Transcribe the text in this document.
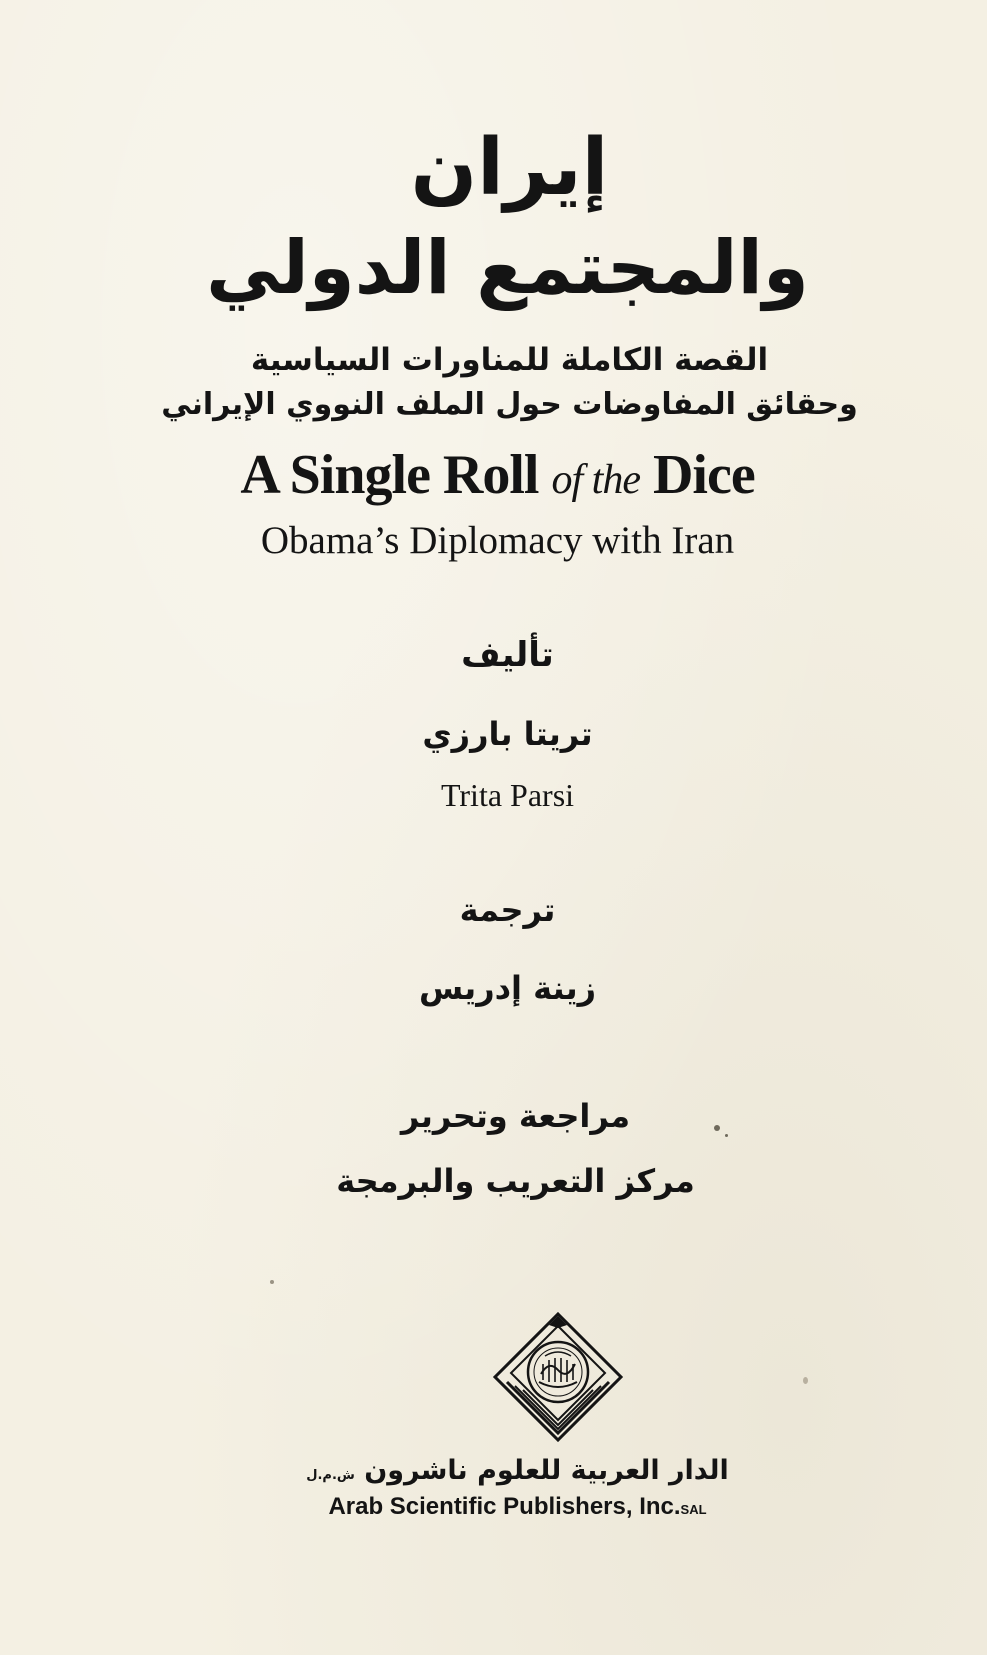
إيران
والمجتمع الدولي
القصة الكاملة للمناورات السياسية
وحقائق المفاوضات حول الملف النووي الإيراني
A Single Roll of the Dice
Obama’s Diplomacy with Iran
تأليف
تريتا بارزي
Trita Parsi
ترجمة
زينة إدريس
مراجعة وتحرير
مركز التعريب والبرمجة
الدار العربية للعلوم ناشرون ش.م.ل
Arab Scientific Publishers, Inc.SAL
